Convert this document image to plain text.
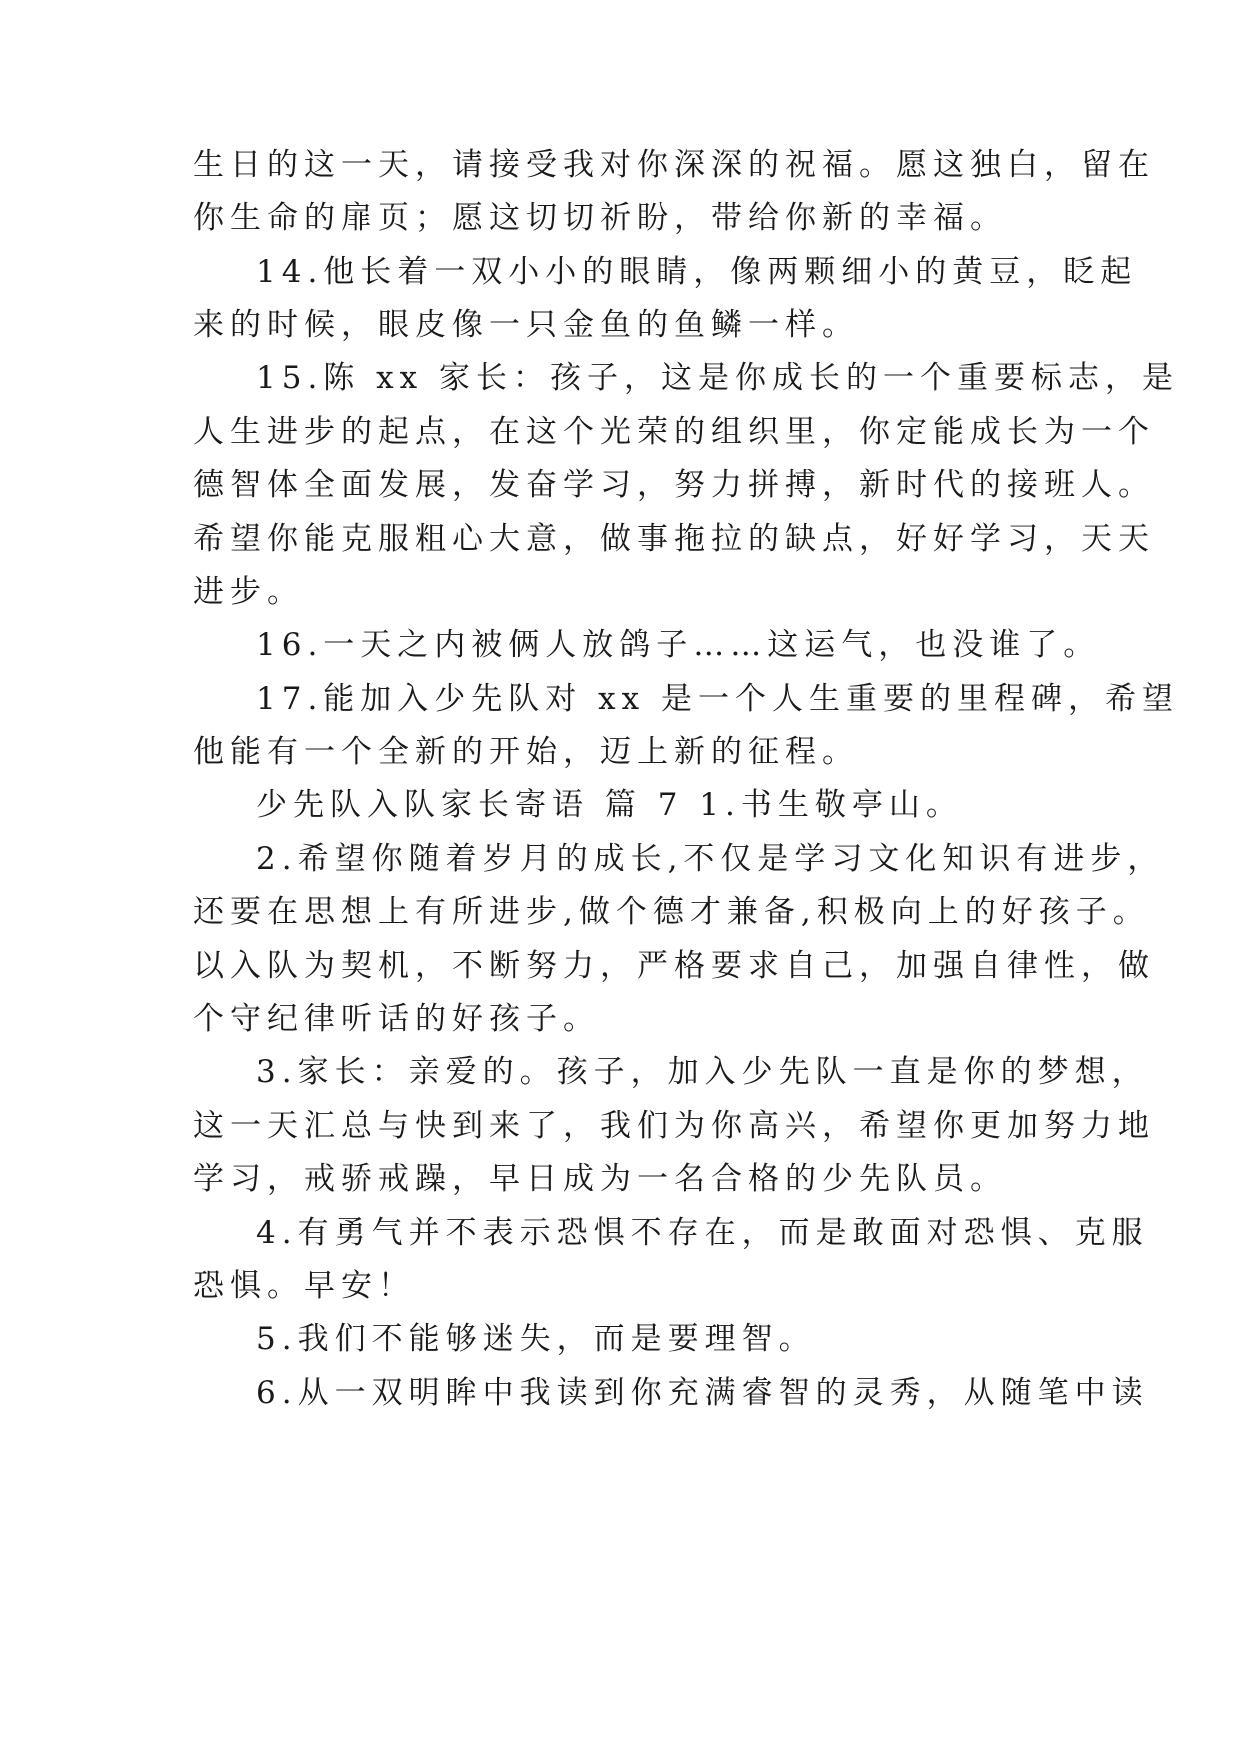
生日的这一天，请接受我对你深深的祝福。愿这独白，留在

你生命的扉页；愿这切切祈盼，带给你新的幸福。

14.他长着一双小小的眼睛，像两颗细小的黄豆，眨起

来的时候，眼皮像一只金鱼的鱼鳞一样。

15.陈 xx 家长：孩子，这是你成长的一个重要标志，是

人生进步的起点，在这个光荣的组织里，你定能成长为一个

德智体全面发展，发奋学习，努力拼搏，新时代的接班人。

希望你能克服粗心大意，做事拖拉的缺点，好好学习，天天

进步。

16.一天之内被俩人放鸽子……这运气，也没谁了。

17.能加入少先队对 xx 是一个人生重要的里程碑，希望

他能有一个全新的开始，迈上新的征程。

少先队入队家长寄语 篇 7 1.书生敬亭山。

2.希望你随着岁月的成长,不仅是学习文化知识有进步，

还要在思想上有所进步,做个德才兼备,积极向上的好孩子。

以入队为契机，不断努力，严格要求自己，加强自律性，做

个守纪律听话的好孩子。

3.家长：亲爱的。孩子，加入少先队一直是你的梦想，

这一天汇总与快到来了，我们为你高兴，希望你更加努力地

学习，戒骄戒躁，早日成为一名合格的少先队员。

4.有勇气并不表示恐惧不存在，而是敢面对恐惧、克服

恐惧。早安！

5.我们不能够迷失，而是要理智。

6.从一双明眸中我读到你充满睿智的灵秀，从随笔中读
